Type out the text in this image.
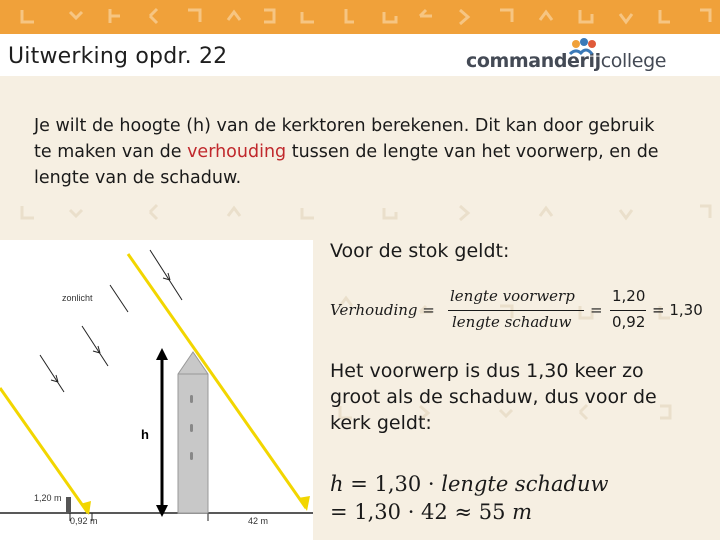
Uitwerking opdr. 22	commanderijcollege
Je wilt de hoogte (h) van de kerktoren berekenen. Dit kan door gebruik te maken van de verhouding tussen de lengte van het voorwerp, en de lengte van de schaduw.
zonlicht
h
1,20 m
0,92 m	42 m
Voor de stok geldt:
Verhouding =
lengte voorwerp
lengte schaduw
=
1,20
0,92
= 1,30
Het voorwerp is dus 1,30 keer zo groot als de schaduw, dus voor de kerk geldt:
h = 1,30 · lengte schaduw
= 1,30 · 42 ≈ 55 m
